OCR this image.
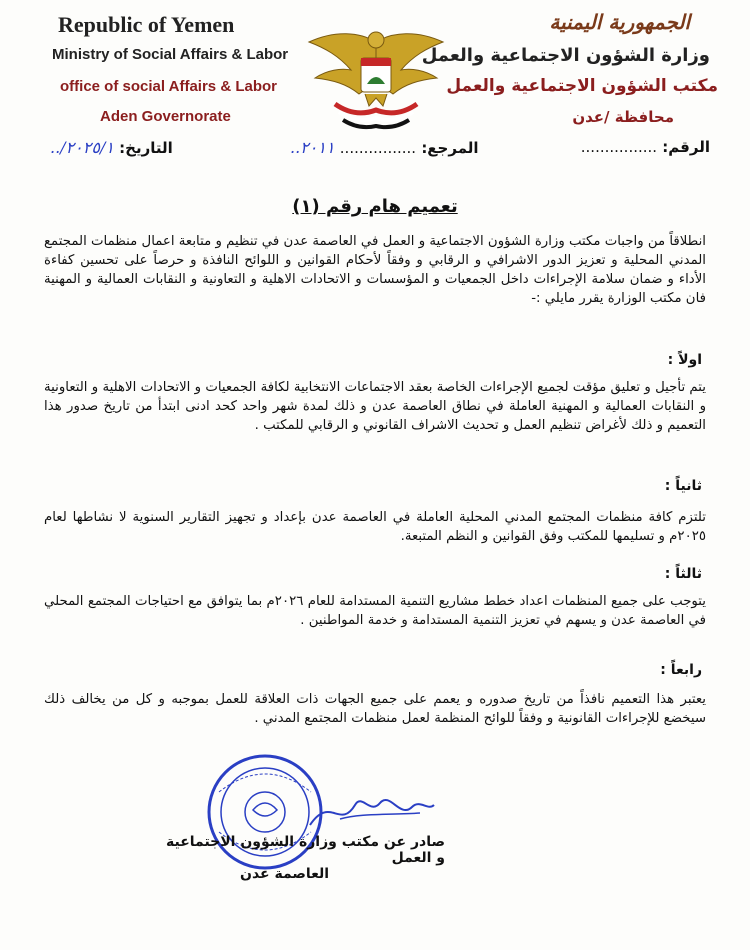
Republic of Yemen
Ministry of Social Affairs & Labor
office of social Affairs & Labor
Aden Governorate
الجمهورية اليمنية
وزارة الشؤون الاجتماعية والعمل
مكتب الشؤون الاجتماعية والعمل
محافظة /عدن
التاريخ: ٢٠٢٥/١/..	المرجع: ................ ٢٠١١..	الرقم: ................
تعميم هام رقم (١)
انطلاقاً من واجبات مكتب وزارة الشؤون الاجتماعية و العمل في العاصمة عدن في تنظيم و متابعة اعمال منظمات المجتمع المدني المحلية و تعزيز الدور الاشرافي و الرقابي و وفقاً لأحكام القوانين و اللوائح النافذة و حرصاً على تحسين كفاءة الأداء و ضمان سلامة الإجراءات داخل الجمعيات و المؤسسات و الاتحادات الاهلية و التعاونية و النقابات العمالية و المهنية فان مكتب الوزارة يقرر مايلي :-
اولاً :
يتم تأجيل و تعليق مؤقت لجميع الإجراءات الخاصة بعقد الاجتماعات الانتخابية لكافة الجمعيات و الاتحادات الاهلية و التعاونية و النقابات العمالية و المهنية العاملة في نطاق العاصمة عدن و ذلك لمدة شهر واحد كحد ادنى ابتدأ من تاريخ صدور هذا التعميم و ذلك لأغراض تنظيم العمل و تحديث الاشراف القانوني و الرقابي للمكتب .
ثانياً :
تلتزم كافة منظمات المجتمع المدني المحلية العاملة في العاصمة عدن بإعداد و تجهيز التقارير السنوية لا نشاطها لعام ٢٠٢٥م و تسليمها للمكتب وفق القوانين و النظم المتبعة.
ثالثاً :
يتوجب على جميع المنظمات اعداد خطط مشاريع التنمية المستدامة للعام ٢٠٢٦م بما يتوافق مع احتياجات المجتمع المحلي في العاصمة عدن و يسهم في تعزيز التنمية المستدامة و خدمة المواطنين .
رابعاً :
يعتبر هذا التعميم نافذاً من تاريخ صدوره و يعمم على جميع الجهات ذات العلاقة للعمل بموجبه و كل من يخالف ذلك سيخضع للإجراءات القانونية و وفقاً للوائح المنظمة لعمل منظمات المجتمع المدني .
صادر عن مكتب وزارة الشؤون الاجتماعية و العمل
العاصمة عدن
